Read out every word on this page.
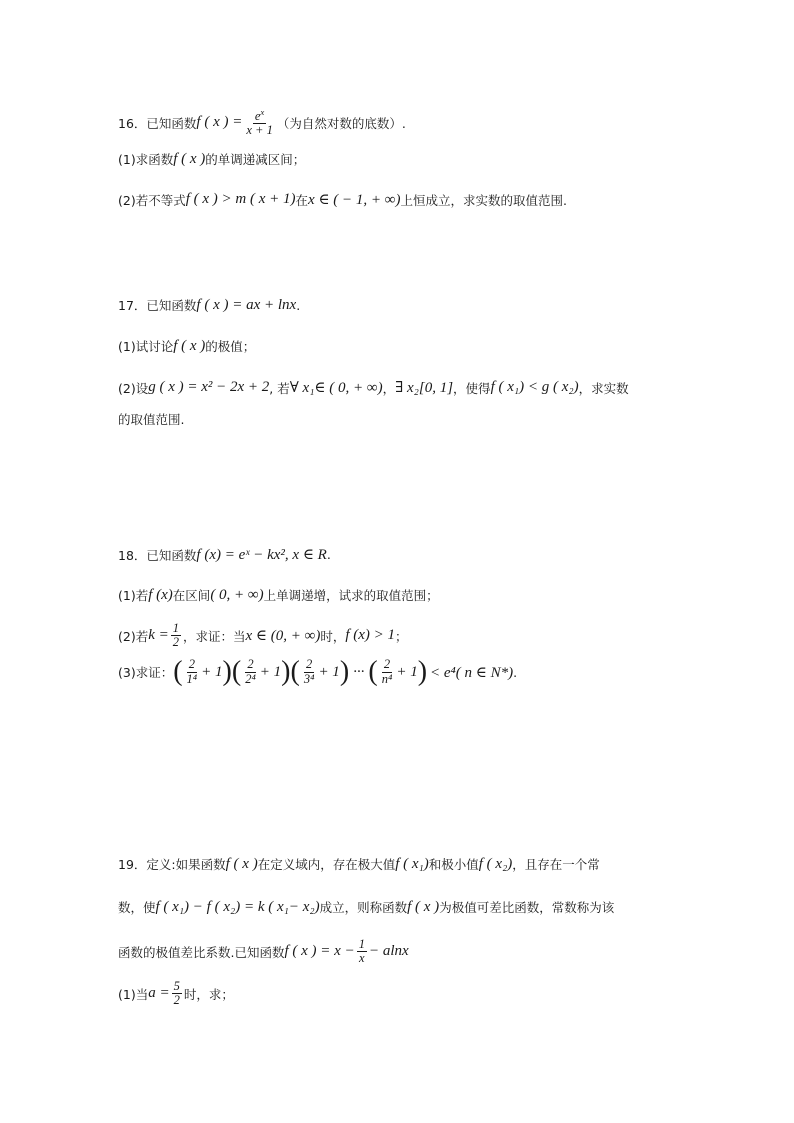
16．已知函数 f ( x ) = $\frac{e^x}{x + 1}$ （为自然对数的底数）.
(1)求函数 f ( x ) 的单调递减区间；
(2)若不等式 f ( x ) > m ( x + 1) 在 x ∈ ( − 1, + ∞) 上恒成立，求实数的取值范围.
17．已知函数 f ( x ) = ax + lnx .
(1)试讨论 f ( x ) 的极值；
(2)设 g ( x ) = x² − 2x + 2 , 若 ∀ x₁∈ ( 0, + ∞) ， ∃ x₂[0, 1] ，使得 f ( x₁) < g ( x₂) ，求实数
的取值范围.
18．已知函数 f (x) = eˣ − kx², x ∈ R .
(1)若 f (x) 在区间 ( 0, + ∞) 上单调递增，试求的取值范围；
(2)若 $k = \frac{1}{2}$ ，求证：当 x ∈ (0, + ∞) 时， f (x) > 1 ；
(3)求证： ( $\frac{2}{\text{1⁴}} + 1$
) ( $\frac{2}{\text{2⁴}} + 1$
) ( $\frac{2}{\text{3⁴}} + 1$
) ··· ( $\frac{2}{\text{n⁴}} + 1$
) < e⁴( n ∈ N*) .
19．定义:如果函数 f ( x ) 在定义域内，存在极大值 f ( x₁) 和极小值 f ( x₂) ，且存在一个常
数，使 f ( x₁) − f ( x₂) = k ( x₁− x₂) 成立，则称函数 f ( x ) 为极值可差比函数，常数称为该
函数的极值差比系数.已知函数 f ( x ) = $x - \frac{1}{x} - alnx$
(1)当 $a = \frac{5}{2}$ 时，求；
